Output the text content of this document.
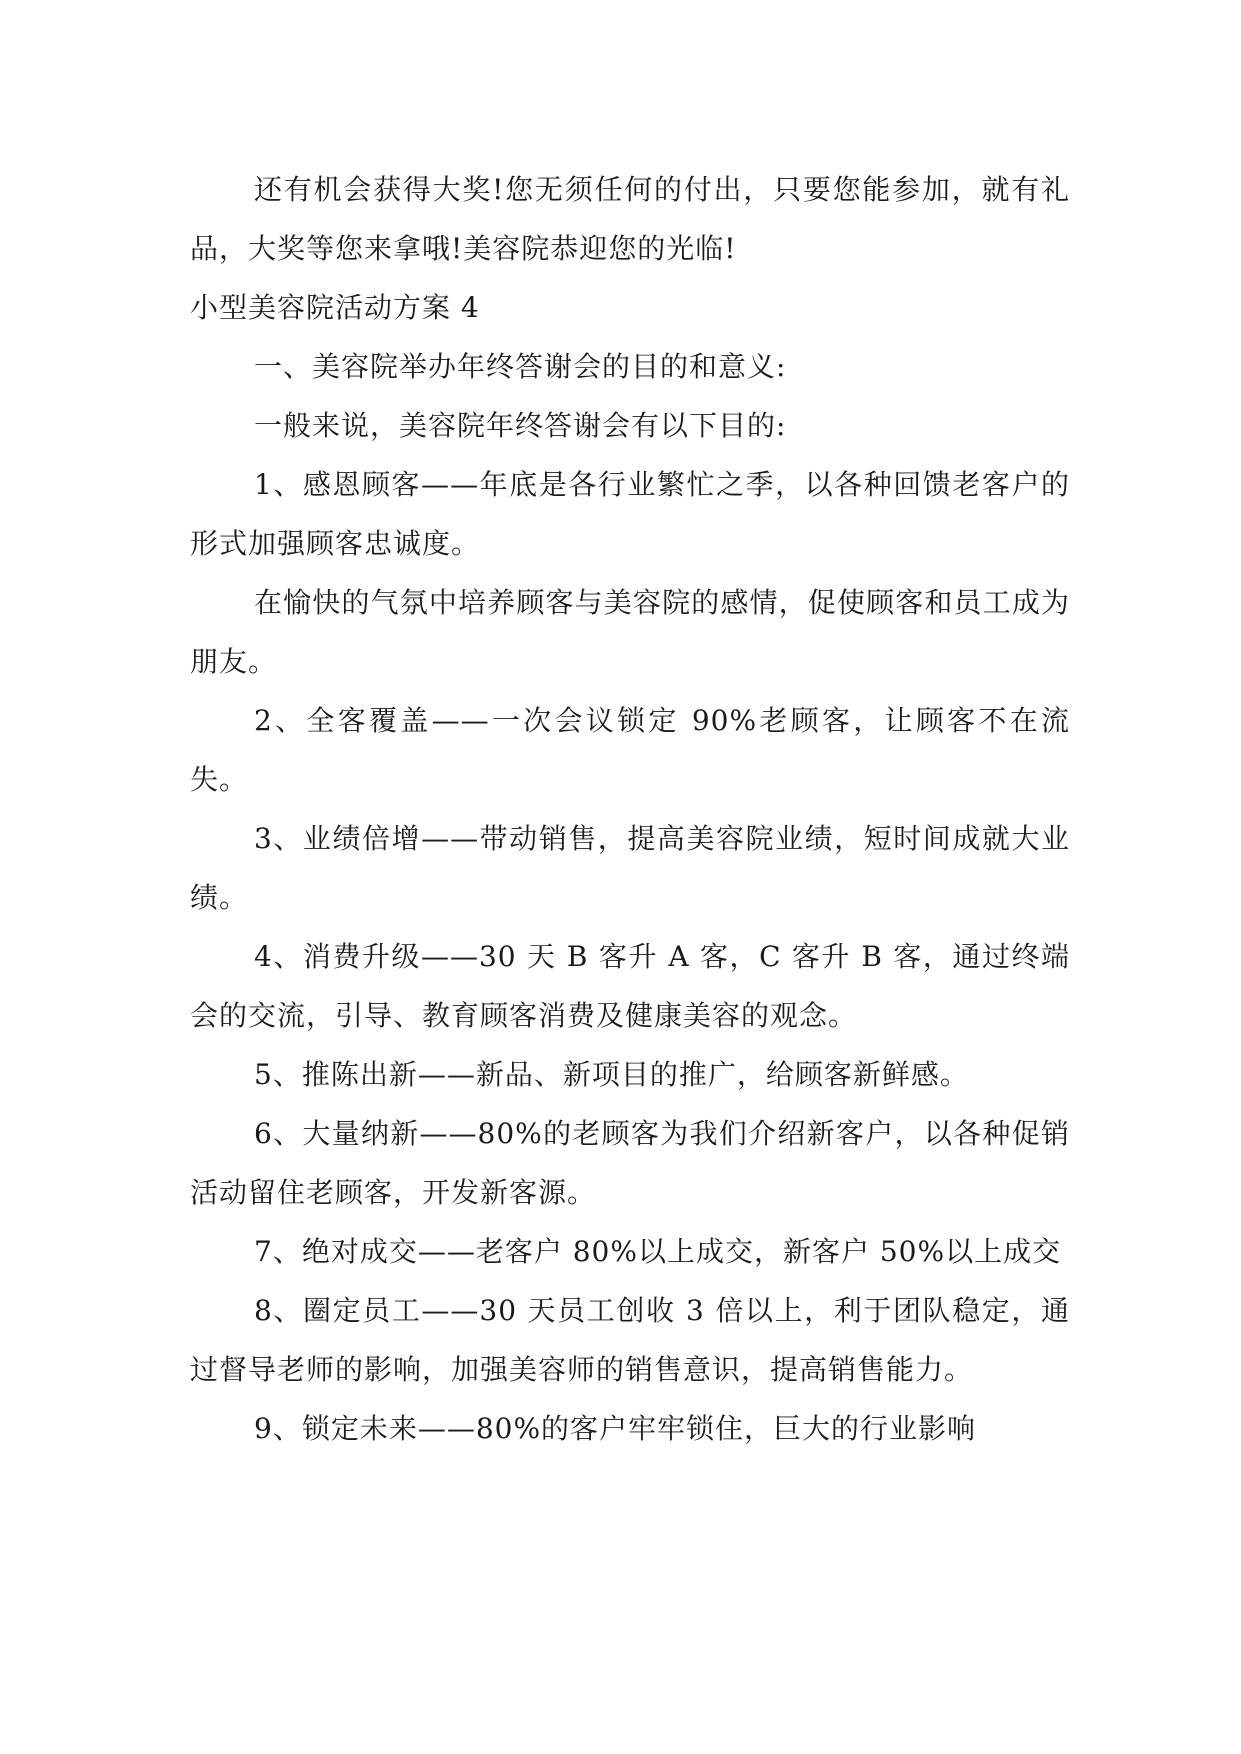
还有机会获得大奖!您无须任何的付出，只要您能参加，就有礼品，大奖等您来拿哦!美容院恭迎您的光临!

小型美容院活动方案 4

一、美容院举办年终答谢会的目的和意义:

一般来说，美容院年终答谢会有以下目的:

1、感恩顾客——年底是各行业繁忙之季，以各种回馈老客户的形式加强顾客忠诚度。

在愉快的气氛中培养顾客与美容院的感情，促使顾客和员工成为朋友。

2、全客覆盖——一次会议锁定 90%老顾客，让顾客不在流失。

3、业绩倍增——带动销售，提高美容院业绩，短时间成就大业绩。

4、消费升级——30 天 B 客升 A 客，C 客升 B 客，通过终端会的交流，引导、教育顾客消费及健康美容的观念。

5、推陈出新——新品、新项目的推广，给顾客新鲜感。

6、大量纳新——80%的老顾客为我们介绍新客户，以各种促销活动留住老顾客，开发新客源。

7、绝对成交——老客户 80%以上成交，新客户 50%以上成交

8、圈定员工——30 天员工创收 3 倍以上，利于团队稳定，通过督导老师的影响，加强美容师的销售意识，提高销售能力。

9、锁定未来——80%的客户牢牢锁住，巨大的行业影响
